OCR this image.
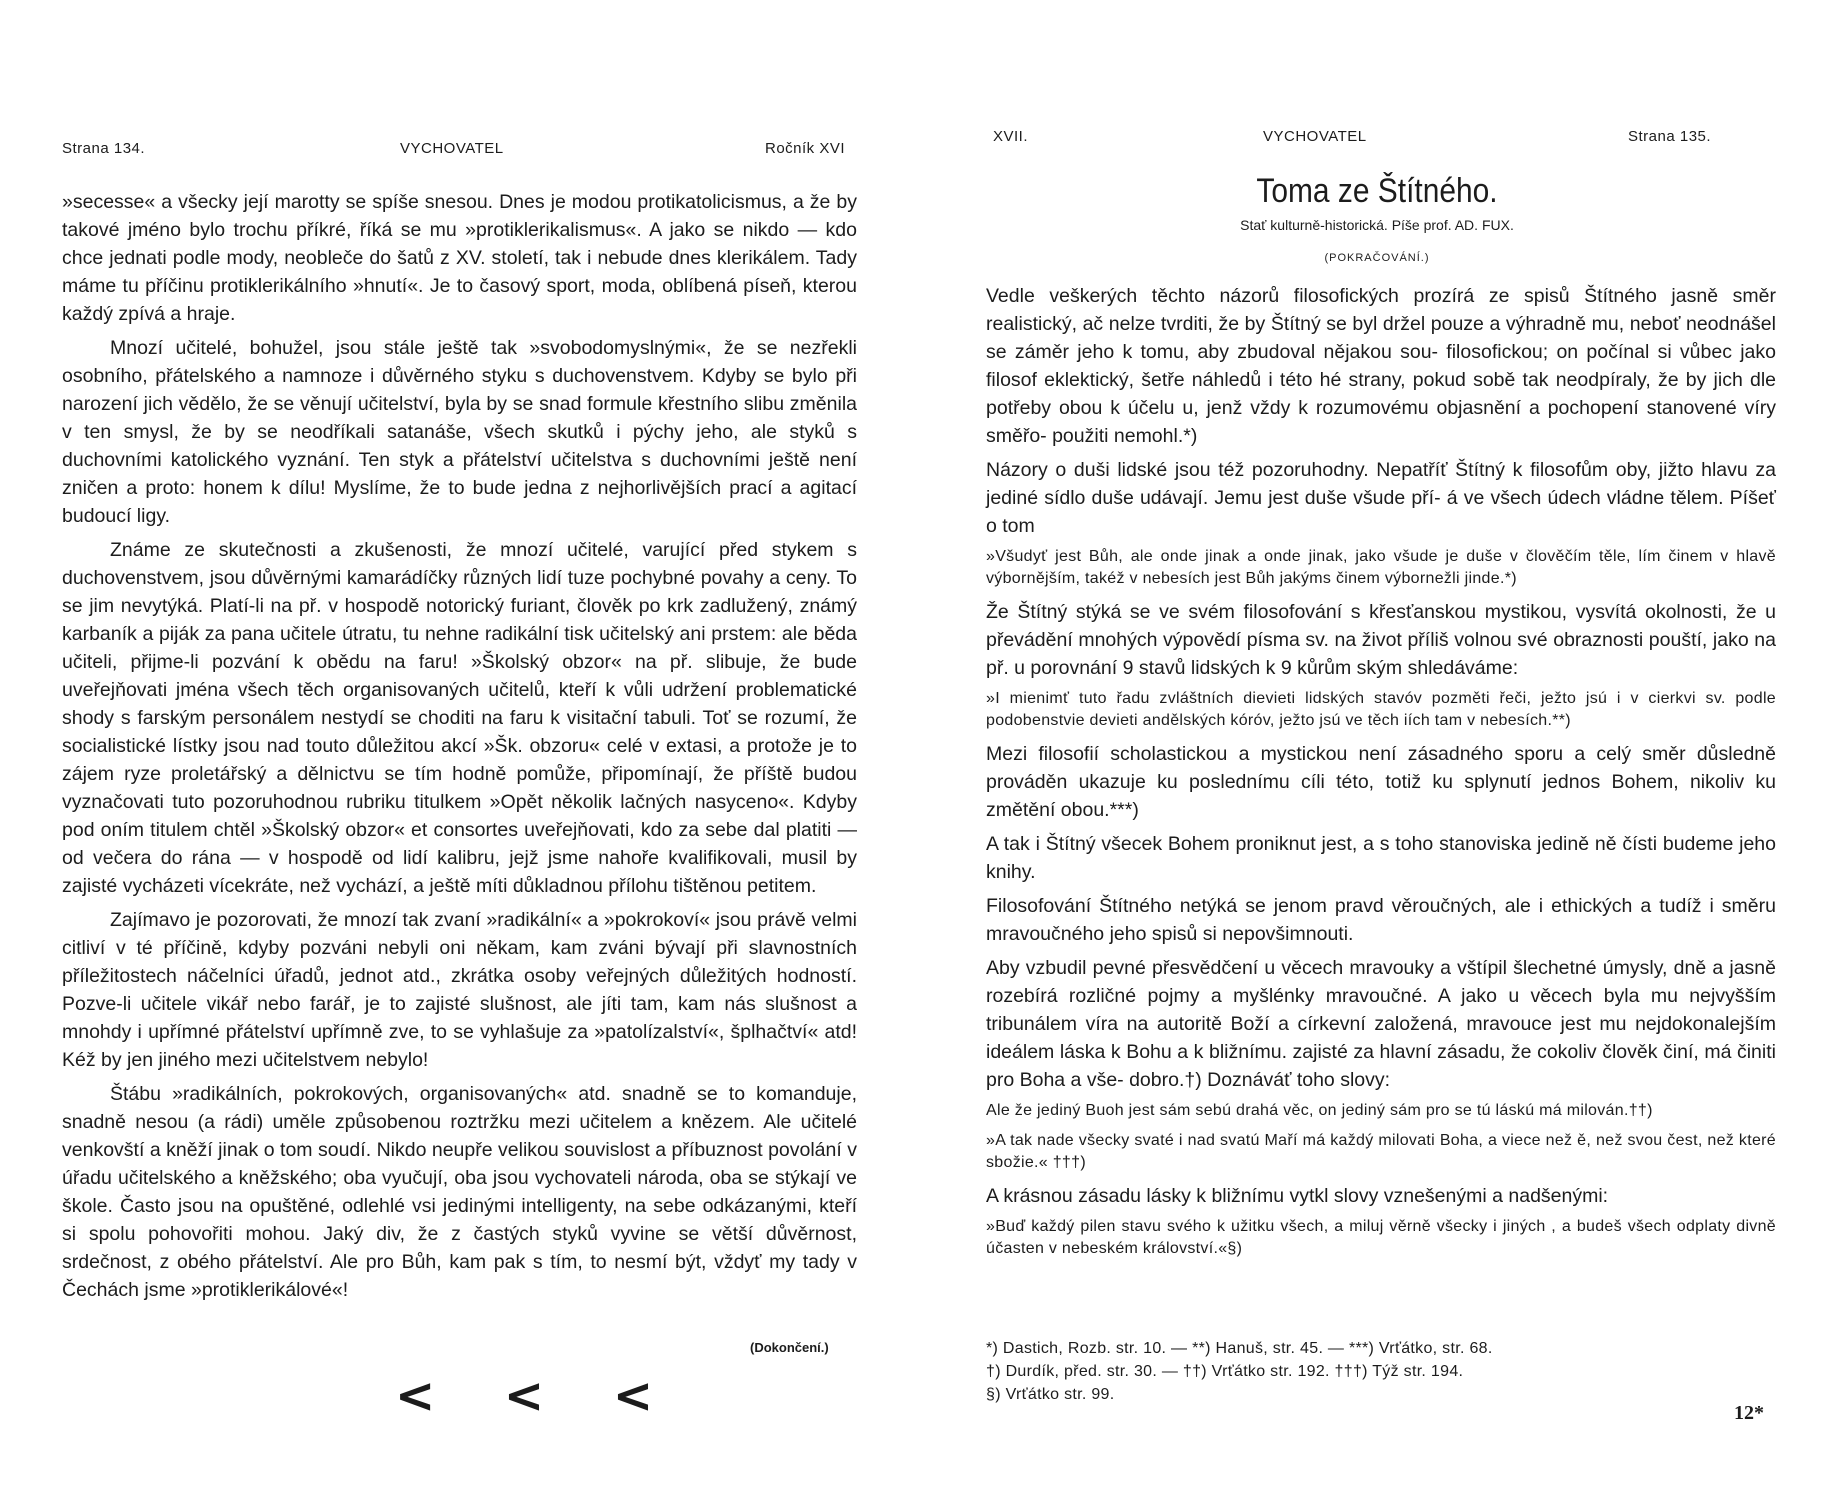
Strana 134.	VYCHOVATEL	Ročník XVI

»secesse« a všecky její marotty se spíše snesou. Dnes je modou protikatolicismus, a že by takové jméno bylo trochu příkré, říká se mu »protiklerikalismus«. A jako se nikdo — kdo chce jednati podle mody, neobleče do šatů z XV. století, tak i nebude dnes klerikálem. Tady máme tu příčinu protiklerikálního »hnutí«. Je to časový sport, moda, oblíbená píseň, kterou každý zpívá a hraje.

Mnozí učitelé, bohužel, jsou stále ještě tak »svobodomyslnými«, že se nezřekli osobního, přátelského a namnoze i důvěrného styku s duchovenstvem. Kdyby se bylo při narození jich vědělo, že se věnují učitelství, byla by se snad formule křestního slibu změnila v ten smysl, že by se neodříkali satanáše, všech skutků i pýchy jeho, ale styků s duchovními katolického vyznání. Ten styk a přátelství učitelstva s duchovními ještě není zničen a proto: honem k dílu! Myslíme, že to bude jedna z nejhorlivějších prací a agitací budoucí ligy.

Známe ze skutečnosti a zkušenosti, že mnozí učitelé, varující před stykem s duchovenstvem, jsou důvěrnými kamarádíčky různých lidí tuze pochybné povahy a ceny. To se jim nevytýká. Platí-li na př. v hospodě notorický furiant, člověk po krk zadlužený, známý karbaník a piják za pana učitele útratu, tu nehne radikální tisk učitelský ani prstem: ale běda učiteli, přijme-li pozvání k obědu na faru! »Školský obzor« na př. slibuje, že bude uveřejňovati jména všech těch organisovaných učitelů, kteří k vůli udržení problematické shody s farským personálem nestydí se choditi na faru k visitační tabuli. Toť se rozumí, že socialistické lístky jsou nad touto důležitou akcí »Šk. obzoru« celé v extasi, a protože je to zájem ryze proletářský a dělnictvu se tím hodně pomůže, připomínají, že příště budou vyznačovati tuto pozoruhodnou rubriku titulkem »Opět několik lačných nasyceno«. Kdyby pod oním titulem chtěl »Školský obzor« et consortes uveřejňovati, kdo za sebe dal platiti — od večera do rána — v hospodě od lidí kalibru, jejž jsme nahoře kvalifikovali, musil by zajisté vycházeti vícekráte, než vychází, a ještě míti důkladnou přílohu tištěnou petitem.

Zajímavo je pozorovati, že mnozí tak zvaní »radikální« a »pokrokoví« jsou právě velmi citliví v té příčině, kdyby pozváni nebyli oni někam, kam zváni bývají při slavnostních příležitostech náčelníci úřadů, jednot atd., zkrátka osoby veřejných důležitých hodností. Pozve-li učitele vikář nebo farář, je to zajisté slušnost, ale jíti tam, kam nás slušnost a mnohdy i upřímné přátelství upřímně zve, to se vyhlašuje za »patolízalství«, šplhačtví« atd! Kéž by jen jiného mezi učitelstvem nebylo!

Štábu »radikálních, pokrokových, organisovaných« atd. snadně se to komanduje, snadně nesou (a rádi) uměle způsobenou roztržku mezi učitelem a knězem. Ale učitelé venkovští a kněží jinak o tom soudí. Nikdo neupře velikou souvislost a příbuznost povolání v úřadu učitelského a kněžského; oba vyučují, oba jsou vychovateli národa, oba se stýkají ve škole. Často jsou na opuštěné, odlehlé vsi jedinými intelligenty, na sebe odkázanými, kteří si spolu pohovořiti mohou. Jaký div, že z častých styků vyvine se větší důvěrnost, srdečnost, z obého přátelství. Ale pro Bůh, kam pak s tím, to nesmí být, vždyť my tady v Čechách jsme »protiklerikálové«!

(Dokončení.)
< < <
XVII.	VYCHOVATEL	Strana 135.
Toma ze Štítného.
Stať kulturně-historická. Píše prof. AD. FUX.
(POKRAČOVÁNÍ.)

Vedle veškerých těchto názorů filosofických prozírá ze spisů Štítného jasně směr realistický, ač nelze tvrditi, že by Štítný se byl držel pouze a výhradně mu, neboť neodnášel se záměr jeho k tomu, aby zbudoval nějakou sou- filosofickou; on počínal si vůbec jako filosof eklektický, šetře náhledů i této hé strany, pokud sobě tak neodpíraly, že by jich dle potřeby obou k účelu u, jenž vždy k rozumovému objasnění a pochopení stanovené víry směřo- použiti nemohl.*)

Názory o duši lidské jsou též pozoruhodny. Nepatříť Štítný k filosofům oby, jižto hlavu za jediné sídlo duše udávají. Jemu jest duše všude pří- á ve všech údech vládne tělem. Píšeť o tom

»Všudyť jest Bůh, ale onde jinak a onde jinak, jako všude je duše v člověčím těle, lím činem v hlavě výbornějším, takéž v nebesích jest Bůh jakýms činem výbornežli jinde.*)

Že Štítný stýká se ve svém filosofování s křesťanskou mystikou, vysvítá okolnosti, že u převádění mnohých výpovědí písma sv. na život příliš volnou své obraznosti pouští, jako na př. u porovnání 9 stavů lidských k 9 kůrům ským shledáváme:

»I mienimť tuto řadu zvláštních dievieti lidských stavóv pozměti řeči, ježto jsú i v cierkvi sv. podle podobenstvie devieti andělských kóróv, ježto jsú ve těch iích tam v nebesích.**)

Mezi filosofií scholastickou a mystickou není zásadného sporu a celý směr důsledně prováděn ukazuje ku poslednímu cíli této, totiž ku splynutí jednos Bohem, nikoliv ku změtění obou.***)

A tak i Štítný všecek Bohem proniknut jest, a s toho stanoviska jedině ně čísti budeme jeho knihy.

Filosofování Štítného netýká se jenom pravd věroučných, ale i ethických a tudíž i směru mravoučného jeho spisů si nepovšimnouti.

Aby vzbudil pevné přesvědčení u věcech mravouky a vštípil šlechetné úmysly, dně a jasně rozebírá rozličné pojmy a myšlénky mravoučné. A jako u věcech byla mu nejvyšším tribunálem víra na autoritě Boží a církevní založená, mravouce jest mu nejdokonalejším ideálem láska k Bohu a k bližnímu. zajisté za hlavní zásadu, že cokoliv člověk činí, má činiti pro Boha a vše- dobro.†) Doznáváť toho slovy:

Ale že jediný Buoh jest sám sebú drahá věc, on jediný sám pro se tú láskú má milován.††)
»A tak nade všecky svaté i nad svatú Maří má každý milovati Boha, a viece než ě, než svou čest, než které sbožie.« †††)

A krásnou zásadu lásky k bližnímu vytkl slovy vznešenými a nadšenými:

»Buď každý pilen stavu svého k užitku všech, a miluj věrně všecky i jiných , a budeš všech odplaty divně účasten v nebeském království.«§)
*) Dastich, Rozb. str. 10. — **) Hanuš, str. 45. — ***) Vrťátko, str. 68.
†) Durdík, před. str. 30. — ††) Vrťátko str. 192. †††) Týž str. 194.
§) Vrťátko str. 99.
12*
